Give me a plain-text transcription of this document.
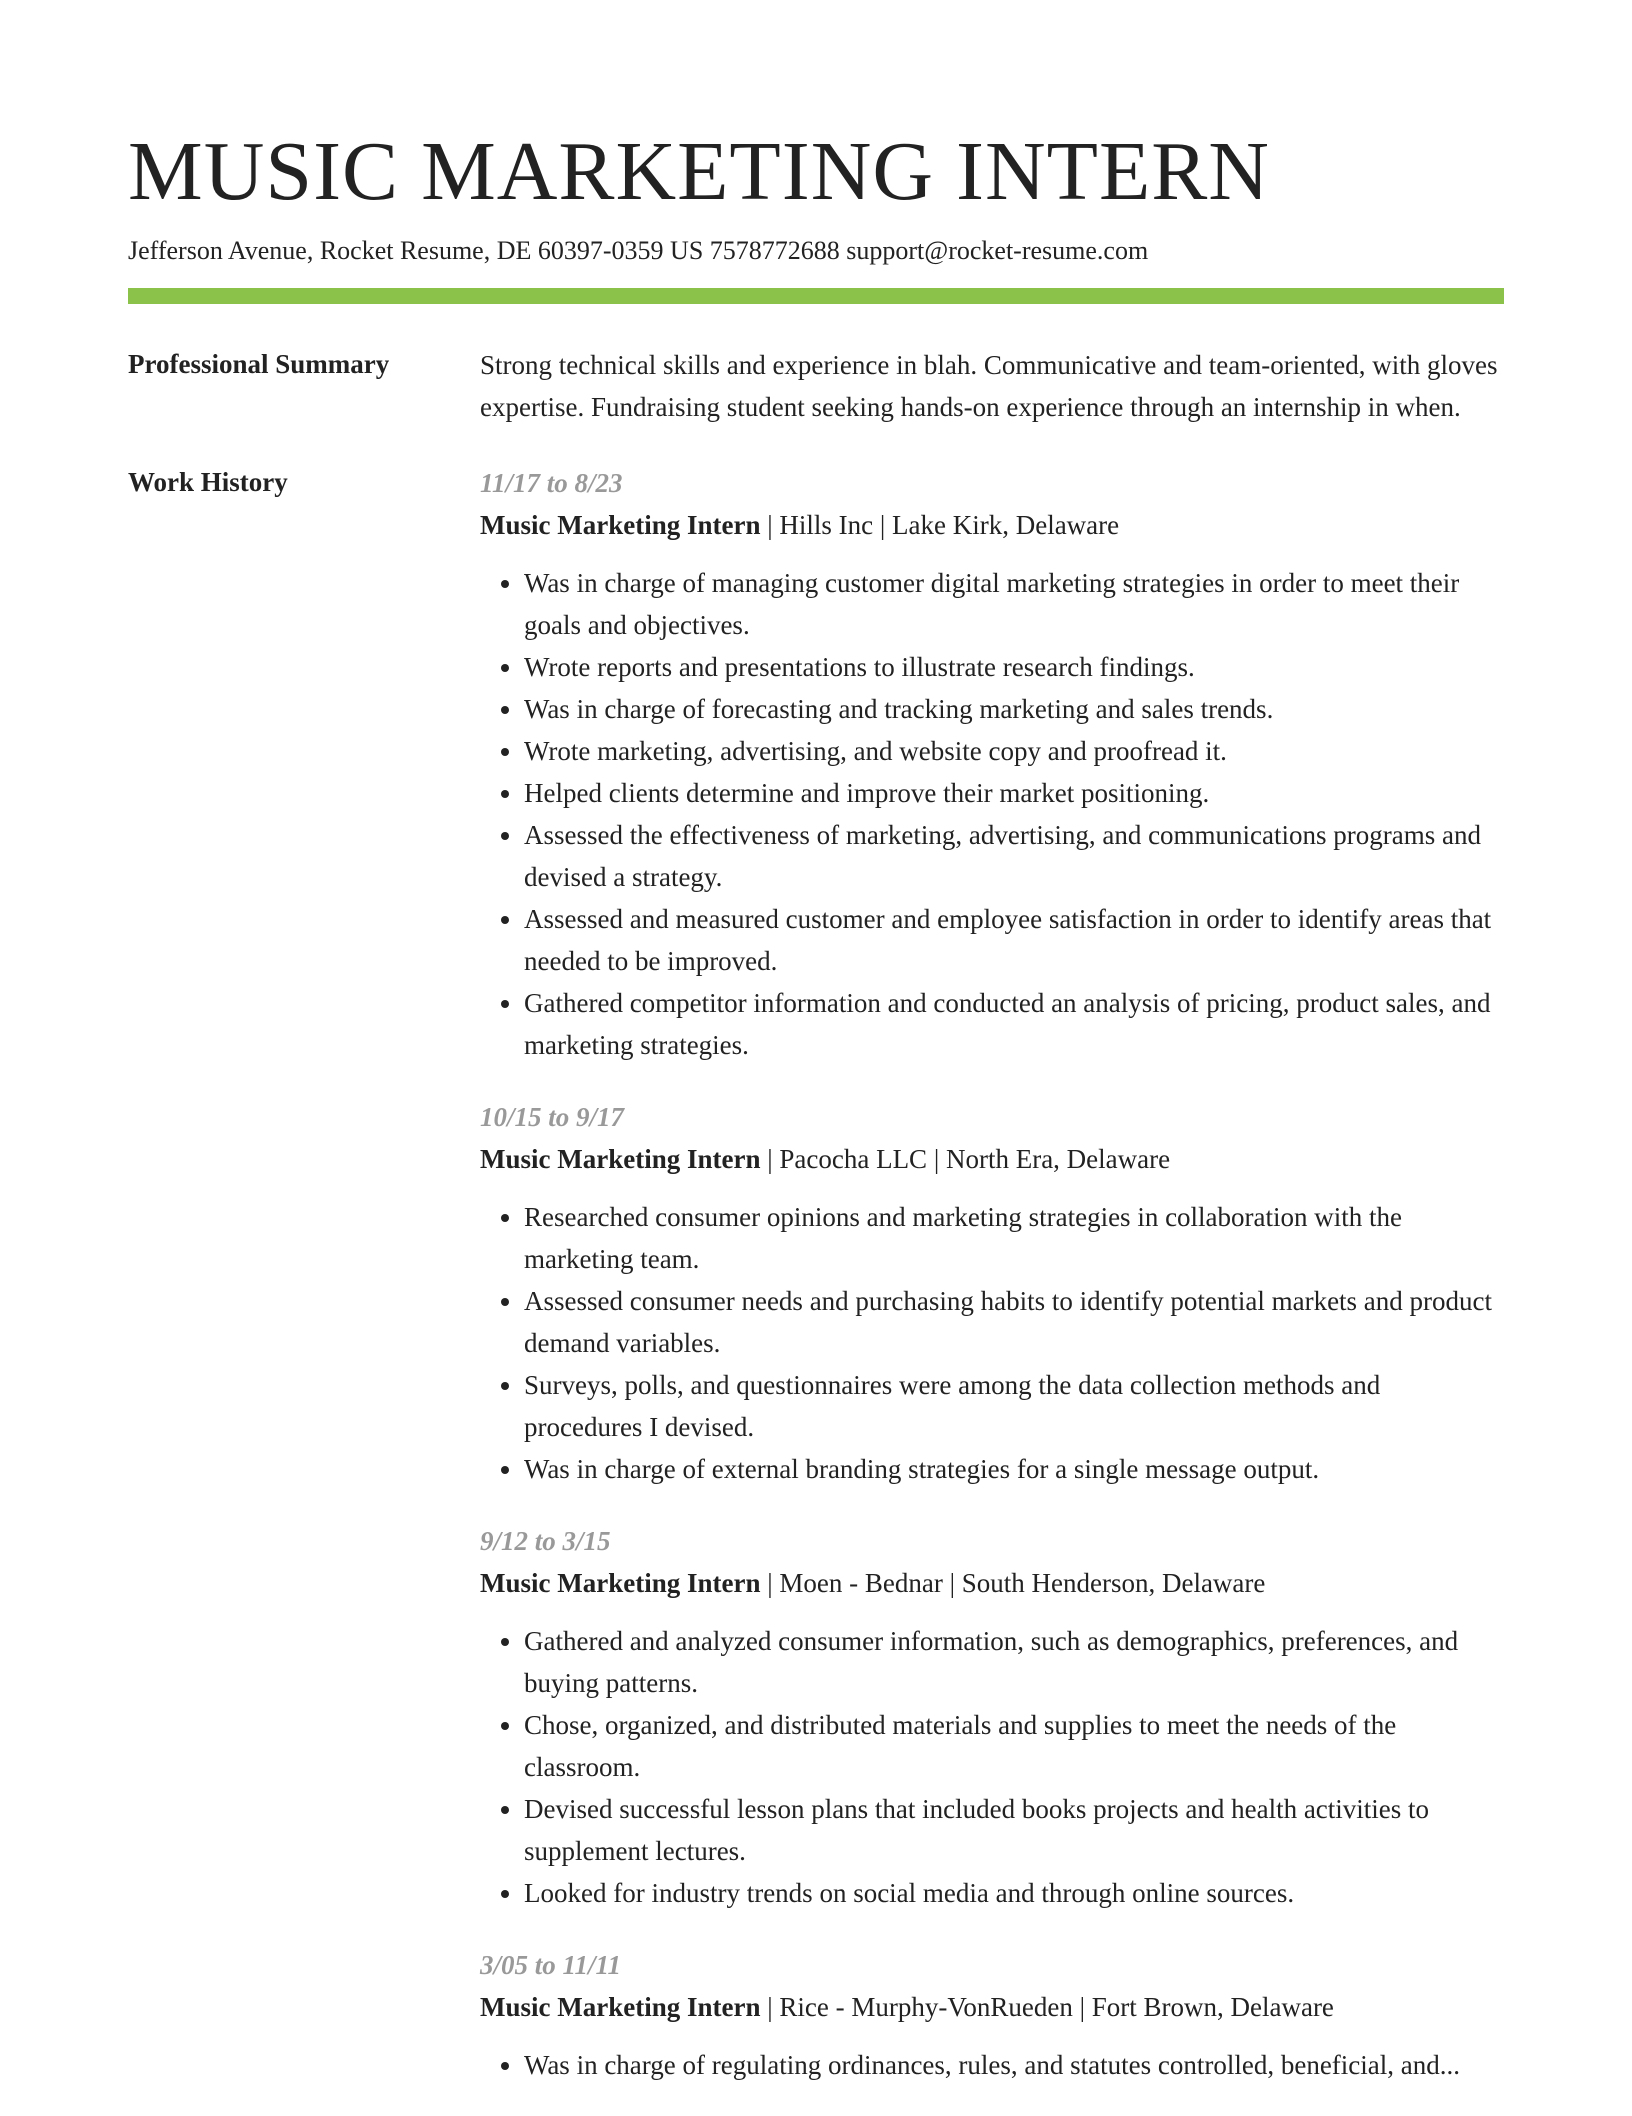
MUSIC MARKETING INTERN
Jefferson Avenue, Rocket Resume, DE 60397-0359 US 7578772688 support@rocket-resume.com
Professional Summary	Strong technical skills and experience in blah. Communicative and team-oriented, with gloves expertise. Fundraising student seeking hands-on experience through an internship in when.
Work History	11/17 to 8/23
Music Marketing Intern | Hills Inc | Lake Kirk, Delaware
• Was in charge of managing customer digital marketing strategies in order to meet their goals and objectives.
• Wrote reports and presentations to illustrate research findings.
• Was in charge of forecasting and tracking marketing and sales trends.
• Wrote marketing, advertising, and website copy and proofread it.
• Helped clients determine and improve their market positioning.
• Assessed the effectiveness of marketing, advertising, and communications programs and devised a strategy.
• Assessed and measured customer and employee satisfaction in order to identify areas that needed to be improved.
• Gathered competitor information and conducted an analysis of pricing, product sales, and marketing strategies.
10/15 to 9/17
Music Marketing Intern | Pacocha LLC | North Era, Delaware
• Researched consumer opinions and marketing strategies in collaboration with the marketing team.
• Assessed consumer needs and purchasing habits to identify potential markets and product demand variables.
• Surveys, polls, and questionnaires were among the data collection methods and procedures I devised.
• Was in charge of external branding strategies for a single message output.
9/12 to 3/15
Music Marketing Intern | Moen - Bednar | South Henderson, Delaware
• Gathered and analyzed consumer information, such as demographics, preferences, and buying patterns.
• Chose, organized, and distributed materials and supplies to meet the needs of the classroom.
• Devised successful lesson plans that included books projects and health activities to supplement lectures.
• Looked for industry trends on social media and through online sources.
3/05 to 11/11
Music Marketing Intern | Rice - Murphy-VonRueden | Fort Brown, Delaware
• Was in charge of regulating ordinances, rules, and statutes controlled, beneficial, and...
